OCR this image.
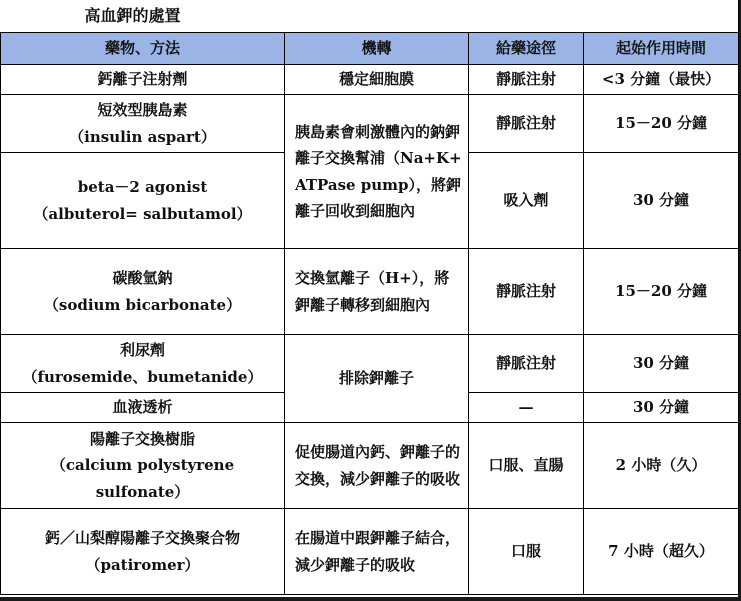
高血鉀的處置			
藥物、方法	機轉	給藥途徑	起始作用時間
鈣離子注射劑	穩定細胞膜	靜脈注射	<3 分鐘（最快）

短效型胰島素
（insulin aspart）	胰島素會刺激體內的鈉鉀離子交換幫浦（Na+K+ ATPase pump），將鉀離子回收到細胞內	靜脈注射	15－20 分鐘

beta－2 agonist
（albuterol= salbutamol）		吸入劑	30 分鐘

碳酸氫鈉
（sodium bicarbonate）	交換氫離子（H+），將鉀離子轉移到細胞內	靜脈注射	15－20 分鐘

利尿劑
（furosemide、bumetanide）	排除鉀離子	靜脈注射	30 分鐘
血液透析		—	30 分鐘

陽離子交換樹脂
（calcium polystyrene sulfonate）	促使腸道內鈣、鉀離子的交換，減少鉀離子的吸收	口服、直腸	2 小時（久）

鈣／山梨醇陽離子交換聚合物
（patiromer）	在腸道中跟鉀離子結合，減少鉀離子的吸收	口服	7 小時（超久）
